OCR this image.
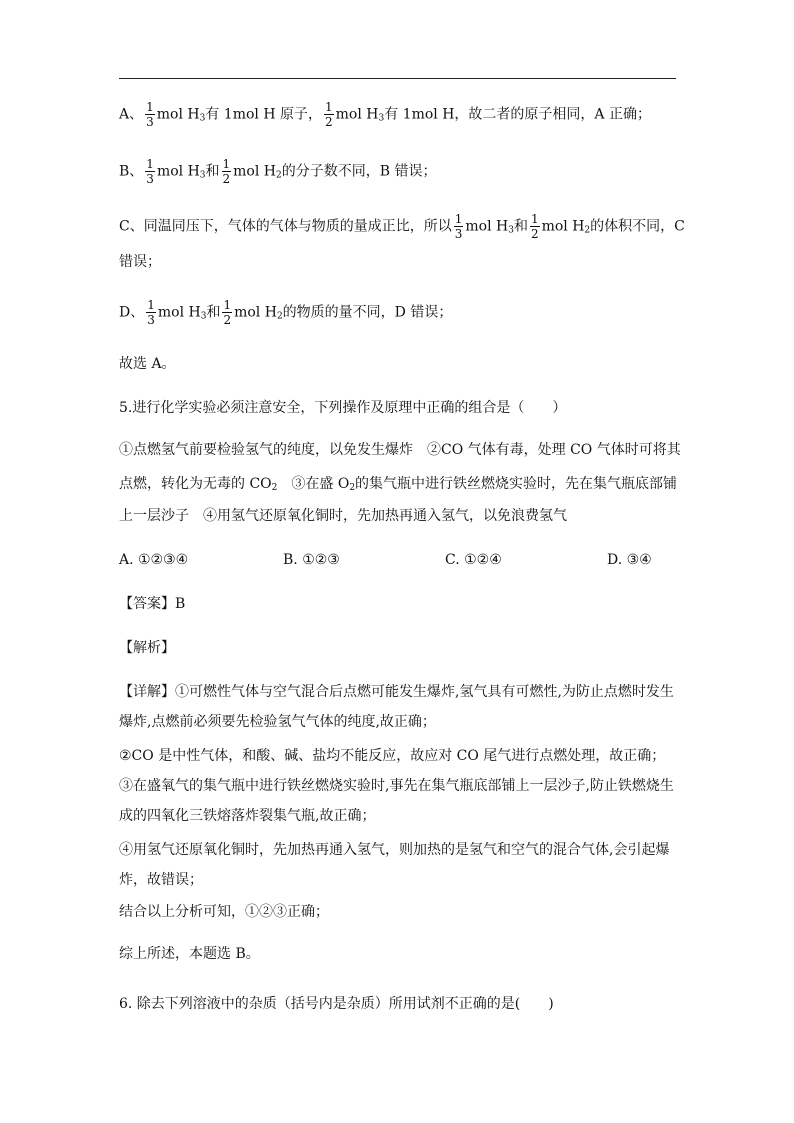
A、 $\frac{1}{3}$ mol $H_3$有 1mol H 原子， $\frac{1}{2}$ mol $H_3$有 1mol H，故二者的原子相同，A 正确；
B、 $\frac{1}{3}$ mol $H_3$和 $\frac{1}{2}$ mol $H_2$的分子数不同，B 错误；
C、同温同压下，气体的气体与物质的量成正比，所以 $\frac{1}{3}$ mol $H_3$和 $\frac{1}{2}$ mol $H_2$的体积不同，C
错误；
D、 $\frac{1}{3}$ mol $H_3$和 $\frac{1}{2}$ mol $H_2$的物质的量不同，D 错误；
故选 A。
5.进行化学实验必须注意安全，下列操作及原理中正确的组合是（　　）
①点燃氢气前要检验氢气的纯度，以免发生爆炸　②CO 气体有毒，处理 CO 气体时可将其
点燃，转化为无毒的 $CO_2$　③在盛 $O_2$的集气瓶中进行铁丝燃烧实验时，先在集气瓶底部铺
上一层沙子　④用氢气还原氧化铜时，先加热再通入氢气，以免浪费氢气
A. ①②③④	B. ①②③	C. ①②④	D. ③④
【答案】B
【解析】
【详解】①可燃性气体与空气混合后点燃可能发生爆炸,氢气具有可燃性,为防止点燃时发生
爆炸,点燃前必须要先检验氢气气体的纯度,故正确；
②CO 是中性气体，和酸、碱、盐均不能反应，故应对 CO 尾气进行点燃处理，故正确；
③在盛氧气的集气瓶中进行铁丝燃烧实验时,事先在集气瓶底部铺上一层沙子,防止铁燃烧生
成的四氧化三铁熔落炸裂集气瓶,故正确；
④用氢气还原氧化铜时，先加热再通入氢气，则加热的是氢气和空气的混合气体,会引起爆
炸，故错误；
结合以上分析可知，①②③正确；
综上所述，本题选 B。
6. 除去下列溶液中的杂质（括号内是杂质）所用试剂不正确的是(　　)
